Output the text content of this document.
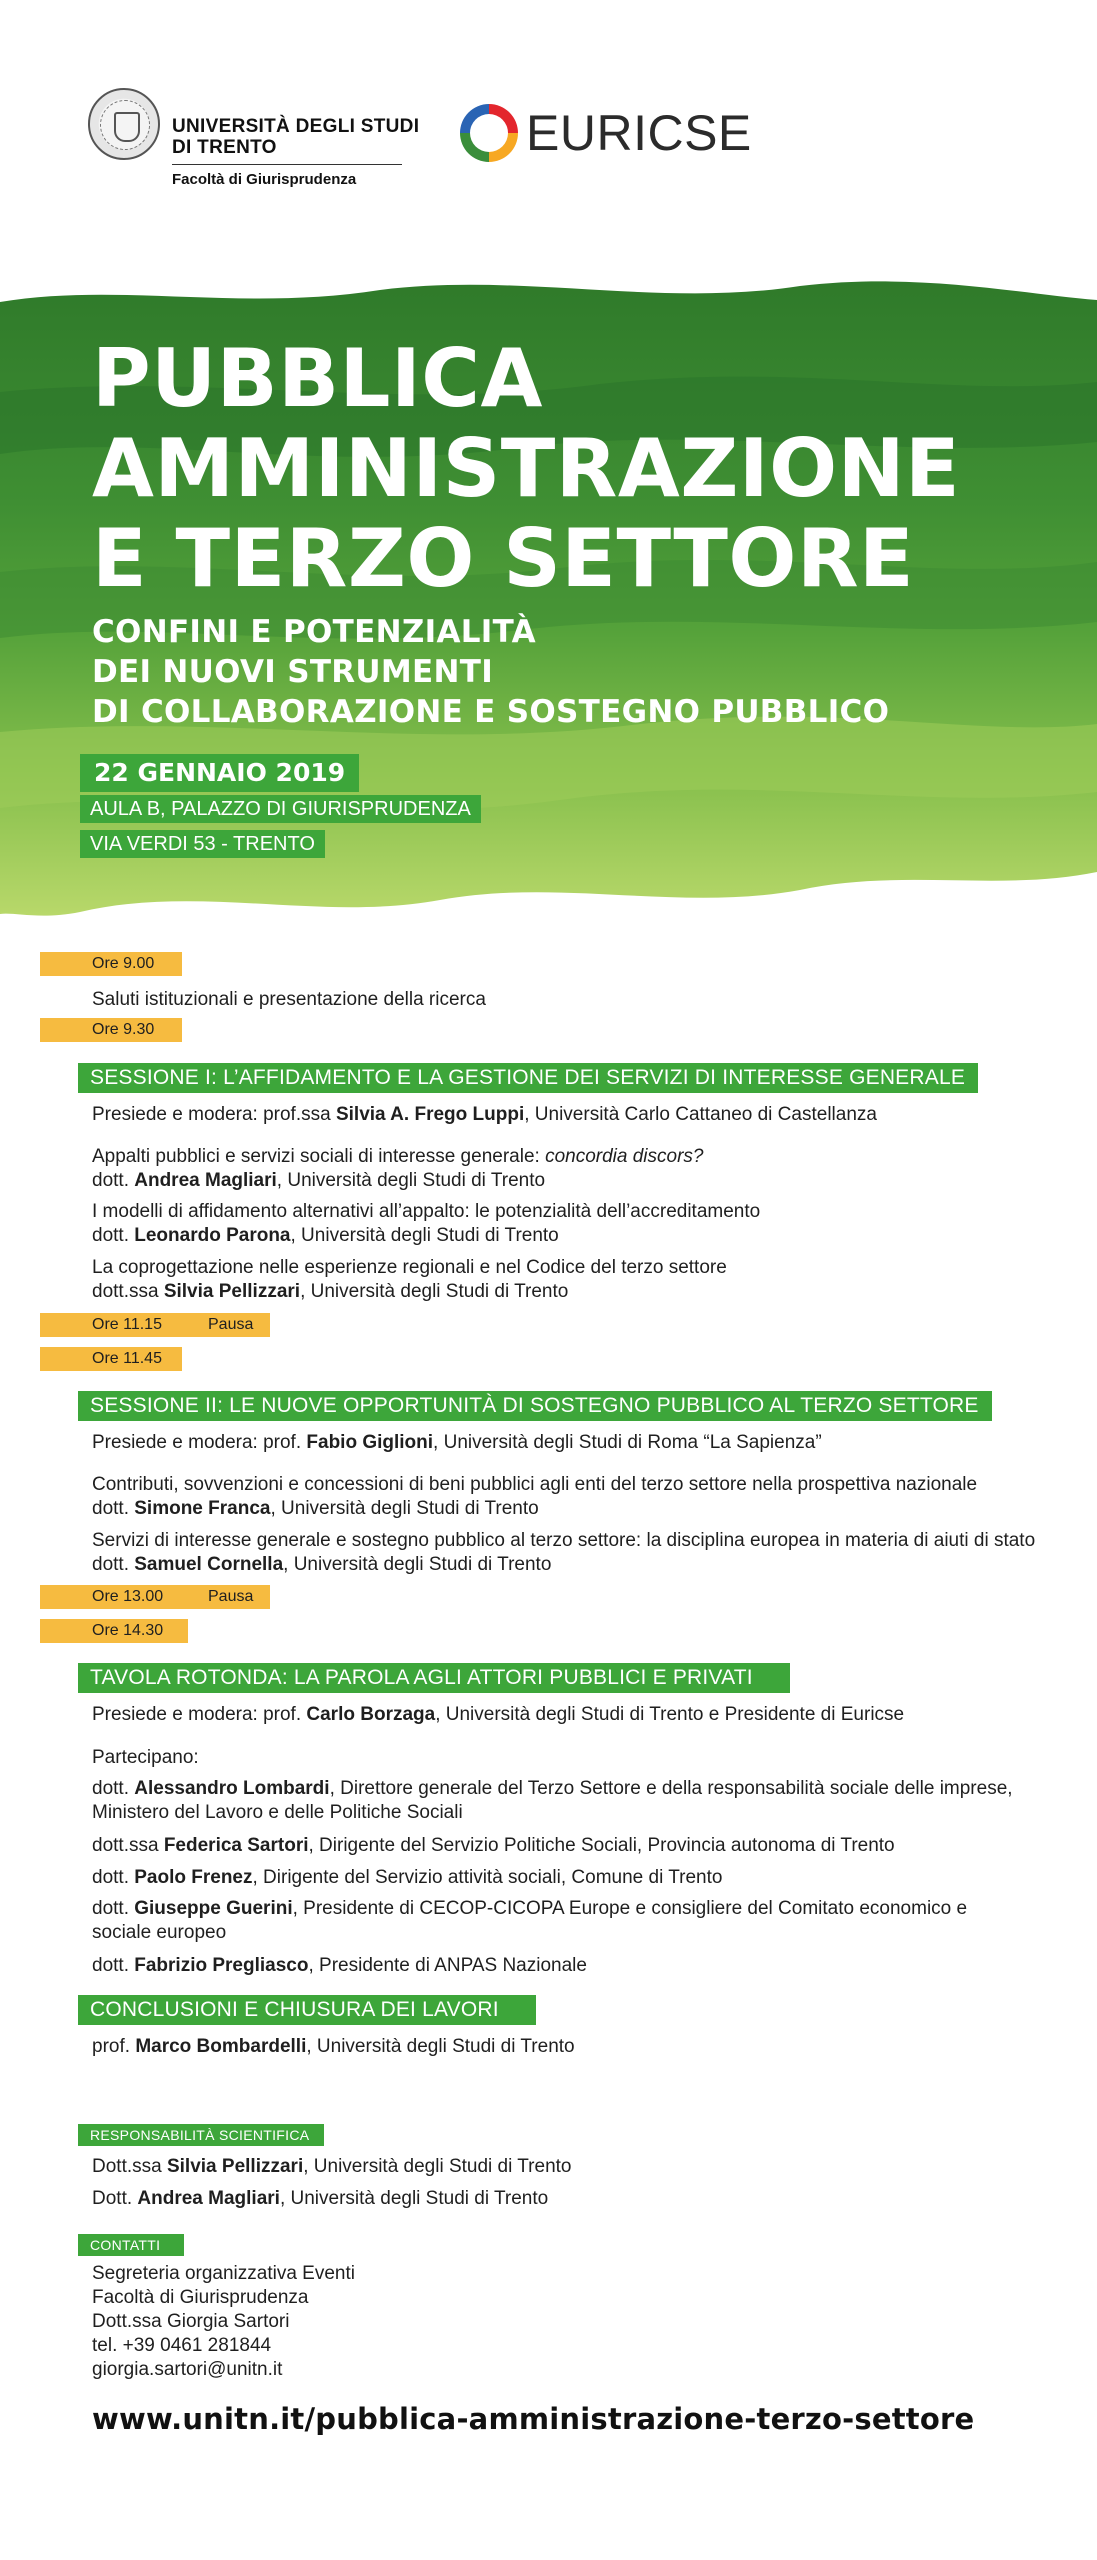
UNIVERSITÀ DEGLI STUDI
DI TRENTO
Facoltà di Giurisprudenza
EURICSE
PUBBLICA
AMMINISTRAZIONE
E TERZO SETTORE
CONFINI E POTENZIALITÀ
DEI NUOVI STRUMENTI
DI COLLABORAZIONE E SOSTEGNO PUBBLICO
22 GENNAIO 2019
AULA B, PALAZZO DI GIURISPRUDENZA
VIA VERDI 53 - TRENTO
Ore 9.00
Saluti istituzionali e presentazione della ricerca
Ore 9.30
SESSIONE I: L’AFFIDAMENTO E LA GESTIONE DEI SERVIZI DI INTERESSE GENERALE
Presiede e modera: prof.ssa Silvia A. Frego Luppi, Università Carlo Cattaneo di Castellanza
Appalti pubblici e servizi sociali di interesse generale: concordia discors?
dott. Andrea Magliari, Università degli Studi di Trento
I modelli di affidamento alternativi all’appalto: le potenzialità dell’accreditamento
dott. Leonardo Parona, Università degli Studi di Trento
La coprogettazione nelle esperienze regionali e nel Codice del terzo settore
dott.ssa Silvia Pellizzari, Università degli Studi di Trento
Ore 11.15	Pausa
Ore 11.45
SESSIONE II: LE NUOVE OPPORTUNITÀ DI SOSTEGNO PUBBLICO AL TERZO SETTORE
Presiede e modera: prof. Fabio Giglioni, Università degli Studi di Roma “La Sapienza”
Contributi, sovvenzioni e concessioni di beni pubblici agli enti del terzo settore nella prospettiva nazionale
dott. Simone Franca, Università degli Studi di Trento
Servizi di interesse generale e sostegno pubblico al terzo settore: la disciplina europea in materia di aiuti di stato
dott. Samuel Cornella, Università degli Studi di Trento
Ore 13.00	Pausa
Ore 14.30
TAVOLA ROTONDA: LA PAROLA AGLI ATTORI PUBBLICI E PRIVATI
Presiede e modera: prof. Carlo Borzaga, Università degli Studi di Trento e Presidente di Euricse
Partecipano:
dott. Alessandro Lombardi, Direttore generale del Terzo Settore e della responsabilità sociale delle imprese, Ministero del Lavoro e delle Politiche Sociali
dott.ssa Federica Sartori, Dirigente del Servizio Politiche Sociali, Provincia autonoma di Trento
dott. Paolo Frenez, Dirigente del Servizio attività sociali, Comune di Trento
dott. Giuseppe Guerini, Presidente di CECOP-CICOPA Europe e consigliere del Comitato economico e sociale europeo
dott. Fabrizio Pregliasco, Presidente di ANPAS Nazionale
CONCLUSIONI E CHIUSURA DEI LAVORI
prof. Marco Bombardelli, Università degli Studi di Trento
RESPONSABILITÀ SCIENTIFICA
Dott.ssa Silvia Pellizzari, Università degli Studi di Trento
Dott. Andrea Magliari, Università degli Studi di Trento
CONTATTI
Segreteria organizzativa Eventi
Facoltà di Giurisprudenza
Dott.ssa Giorgia Sartori
tel. +39 0461 281844
giorgia.sartori@unitn.it
www.unitn.it/pubblica-amministrazione-terzo-settore
